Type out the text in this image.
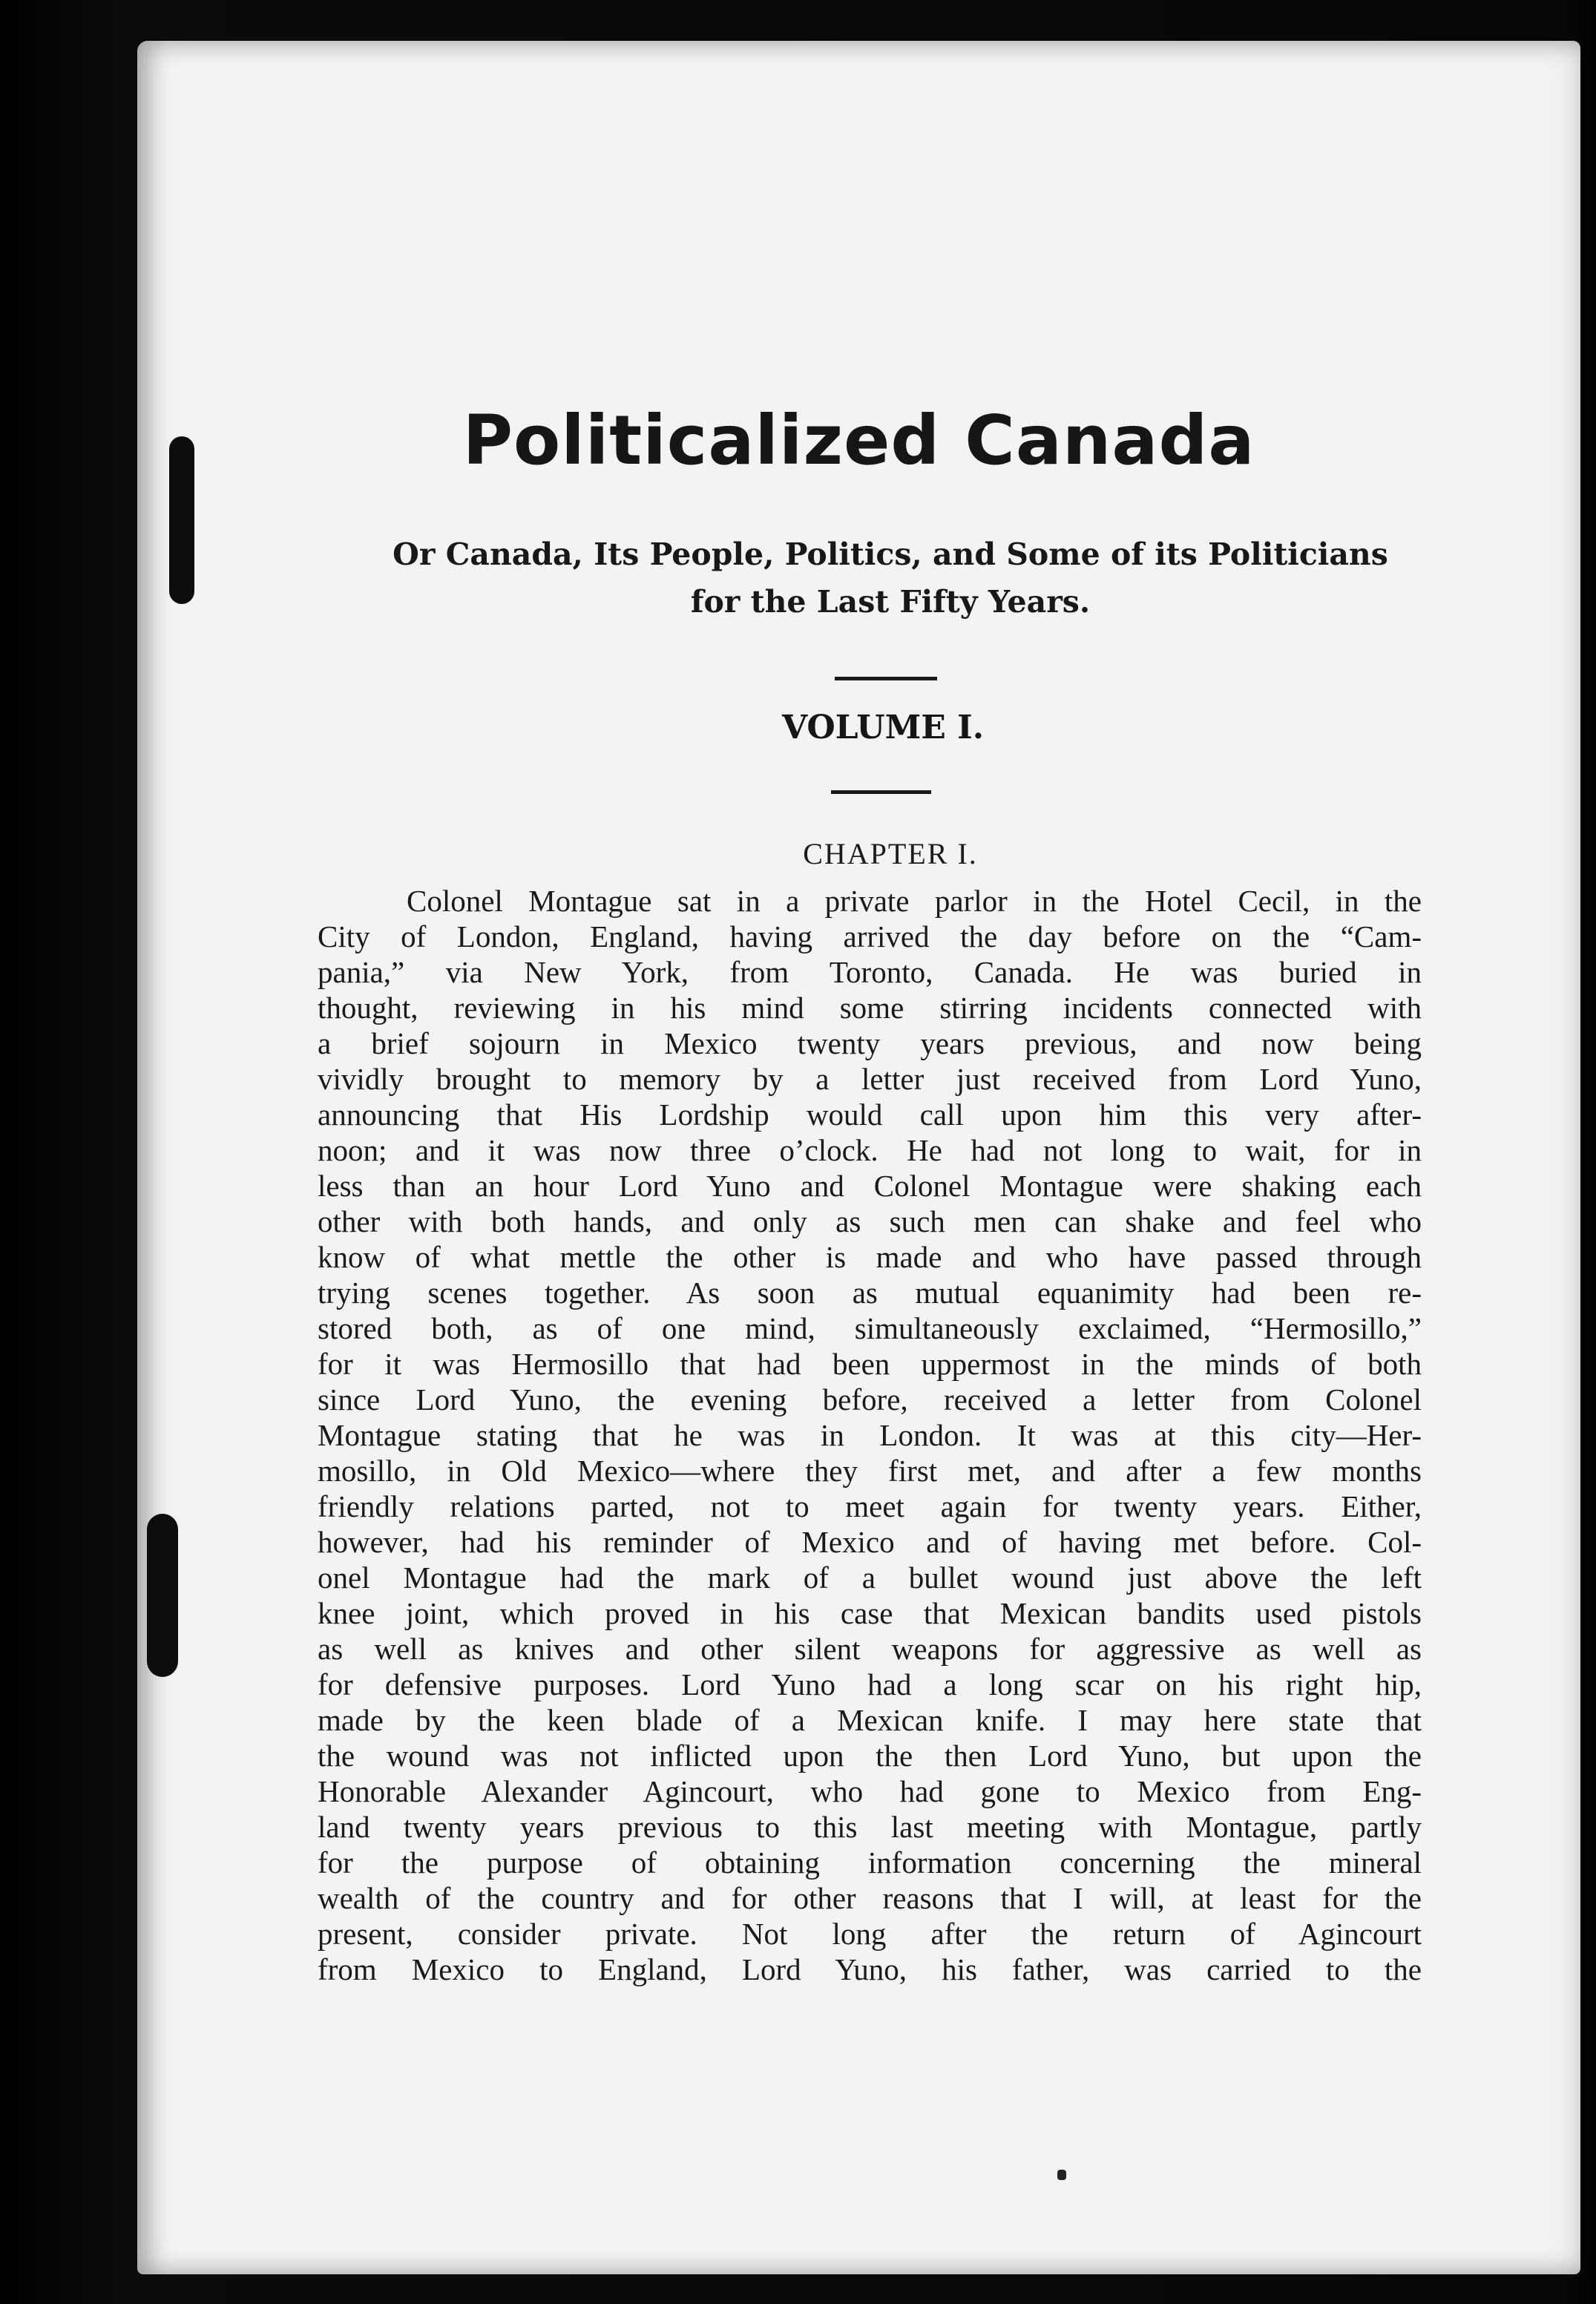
Politicalized Canada
Or Canada, Its People, Politics, and Some of its Politicians
for the Last Fifty Years.
VOLUME I.
CHAPTER I.
Colonel Montague sat in a private parlor in the Hotel Cecil, in the
City of London, England, having arrived the day before on the “Cam-
pania,” via New York, from Toronto, Canada. He was buried in
thought, reviewing in his mind some stirring incidents connected with
a brief sojourn in Mexico twenty years previous, and now being
vividly brought to memory by a letter just received from Lord Yuno,
announcing that His Lordship would call upon him this very after-
noon; and it was now three o’clock. He had not long to wait, for in
less than an hour Lord Yuno and Colonel Montague were shaking each
other with both hands, and only as such men can shake and feel who
know of what mettle the other is made and who have passed through
trying scenes together. As soon as mutual equanimity had been re-
stored both, as of one mind, simultaneously exclaimed, “Hermosillo,”
for it was Hermosillo that had been uppermost in the minds of both
since Lord Yuno, the evening before, received a letter from Colonel
Montague stating that he was in London. It was at this city—Her-
mosillo, in Old Mexico—where they first met, and after a few months
friendly relations parted, not to meet again for twenty years. Either,
however, had his reminder of Mexico and of having met before. Col-
onel Montague had the mark of a bullet wound just above the left
knee joint, which proved in his case that Mexican bandits used pistols
as well as knives and other silent weapons for aggressive as well as
for defensive purposes. Lord Yuno had a long scar on his right hip,
made by the keen blade of a Mexican knife. I may here state that
the wound was not inflicted upon the then Lord Yuno, but upon the
Honorable Alexander Agincourt, who had gone to Mexico from Eng-
land twenty years previous to this last meeting with Montague, partly
for the purpose of obtaining information concerning the mineral
wealth of the country and for other reasons that I will, at least for the
present, consider private. Not long after the return of Agincourt
from Mexico to England, Lord Yuno, his father, was carried to the
